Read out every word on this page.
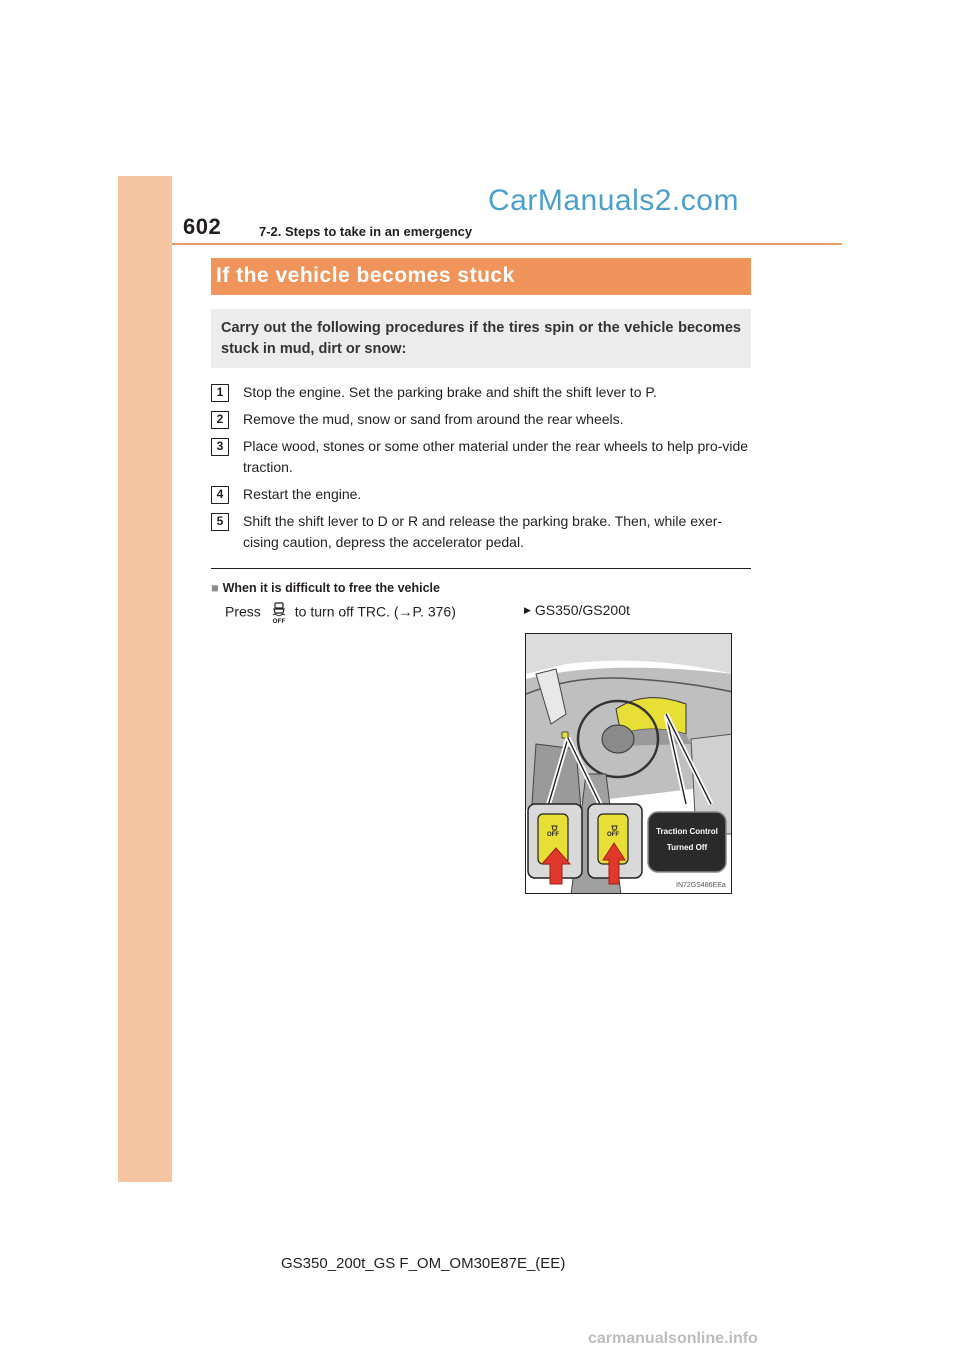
602	7-2. Steps to take in an emergency
CarManuals2.com
If the vehicle becomes stuck
Carry out the following procedures if the tires spin or the vehicle becomes stuck in mud, dirt or snow:
1	Stop the engine. Set the parking brake and shift the shift lever to P.
2	Remove the mud, snow or sand from around the rear wheels.
3	Place wood, stones or some other material under the rear wheels to help pro-vide traction.
4	Restart the engine.
5	Shift the shift lever to D or R and release the parking brake. Then, while exer-cising caution, depress the accelerator pedal.
■ When it is difficult to free the vehicle
Press
OFF
to turn off TRC. (→P. 376)	▶ GS350/GS200t
OFF	OFF	Traction Control
Turned Off
IN72GS486EEa
GS350_200t_GS F_OM_OM30E87E_(EE)
carmanualsonline.info
